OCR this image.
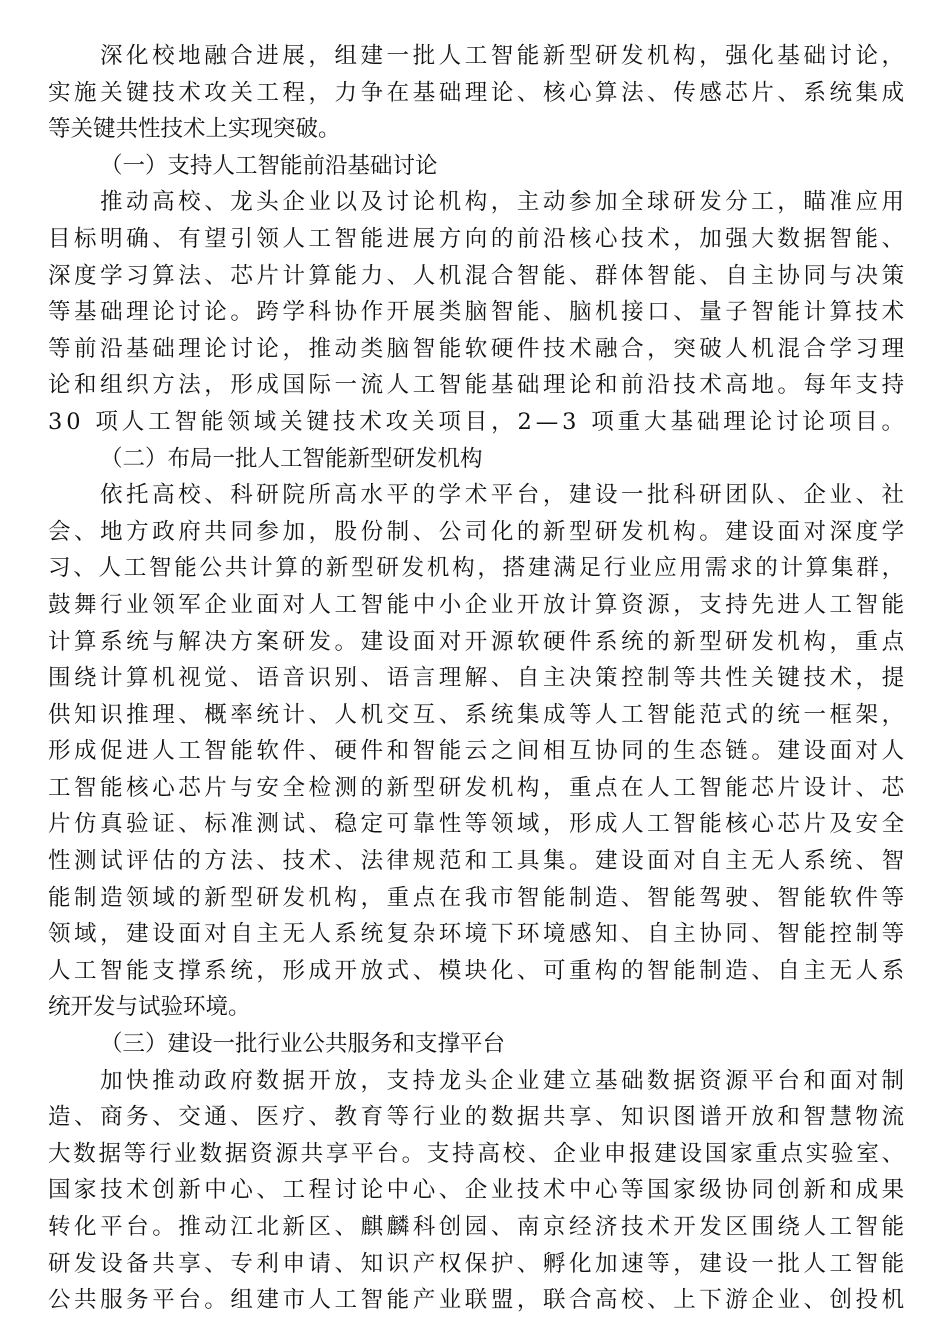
深化校地融合进展，组建一批人工智能新型研发机构，强化基础讨论，
实施关键技术攻关工程，力争在基础理论、核心算法、传感芯片、系统集成
等关键共性技术上实现突破。
（一）支持人工智能前沿基础讨论
推动高校、龙头企业以及讨论机构，主动参加全球研发分工，瞄准应用
目标明确、有望引领人工智能进展方向的前沿核心技术，加强大数据智能、
深度学习算法、芯片计算能力、人机混合智能、群体智能、自主协同与决策
等基础理论讨论。跨学科协作开展类脑智能、脑机接口、量子智能计算技术
等前沿基础理论讨论，推动类脑智能软硬件技术融合，突破人机混合学习理
论和组织方法，形成国际一流人工智能基础理论和前沿技术高地。每年支持
30 项人工智能领域关键技术攻关项目，2—3 项重大基础理论讨论项目。
（二）布局一批人工智能新型研发机构
依托高校、科研院所高水平的学术平台，建设一批科研团队、企业、社
会、地方政府共同参加，股份制、公司化的新型研发机构。建设面对深度学
习、人工智能公共计算的新型研发机构，搭建满足行业应用需求的计算集群，
鼓舞行业领军企业面对人工智能中小企业开放计算资源，支持先进人工智能
计算系统与解决方案研发。建设面对开源软硬件系统的新型研发机构，重点
围绕计算机视觉、语音识别、语言理解、自主决策控制等共性关键技术，提
供知识推理、概率统计、人机交互、系统集成等人工智能范式的统一框架，
形成促进人工智能软件、硬件和智能云之间相互协同的生态链。建设面对人
工智能核心芯片与安全检测的新型研发机构，重点在人工智能芯片设计、芯
片仿真验证、标准测试、稳定可靠性等领域，形成人工智能核心芯片及安全
性测试评估的方法、技术、法律规范和工具集。建设面对自主无人系统、智
能制造领域的新型研发机构，重点在我市智能制造、智能驾驶、智能软件等
领域，建设面对自主无人系统复杂环境下环境感知、自主协同、智能控制等
人工智能支撑系统，形成开放式、模块化、可重构的智能制造、自主无人系
统开发与试验环境。
（三）建设一批行业公共服务和支撑平台
加快推动政府数据开放，支持龙头企业建立基础数据资源平台和面对制
造、商务、交通、医疗、教育等行业的数据共享、知识图谱开放和智慧物流
大数据等行业数据资源共享平台。支持高校、企业申报建设国家重点实验室、
国家技术创新中心、工程讨论中心、企业技术中心等国家级协同创新和成果
转化平台。推动江北新区、麒麟科创园、南京经济技术开发区围绕人工智能
研发设备共享、专利申请、知识产权保护、孵化加速等，建设一批人工智能
公共服务平台。组建市人工智能产业联盟，联合高校、上下游企业、创投机
